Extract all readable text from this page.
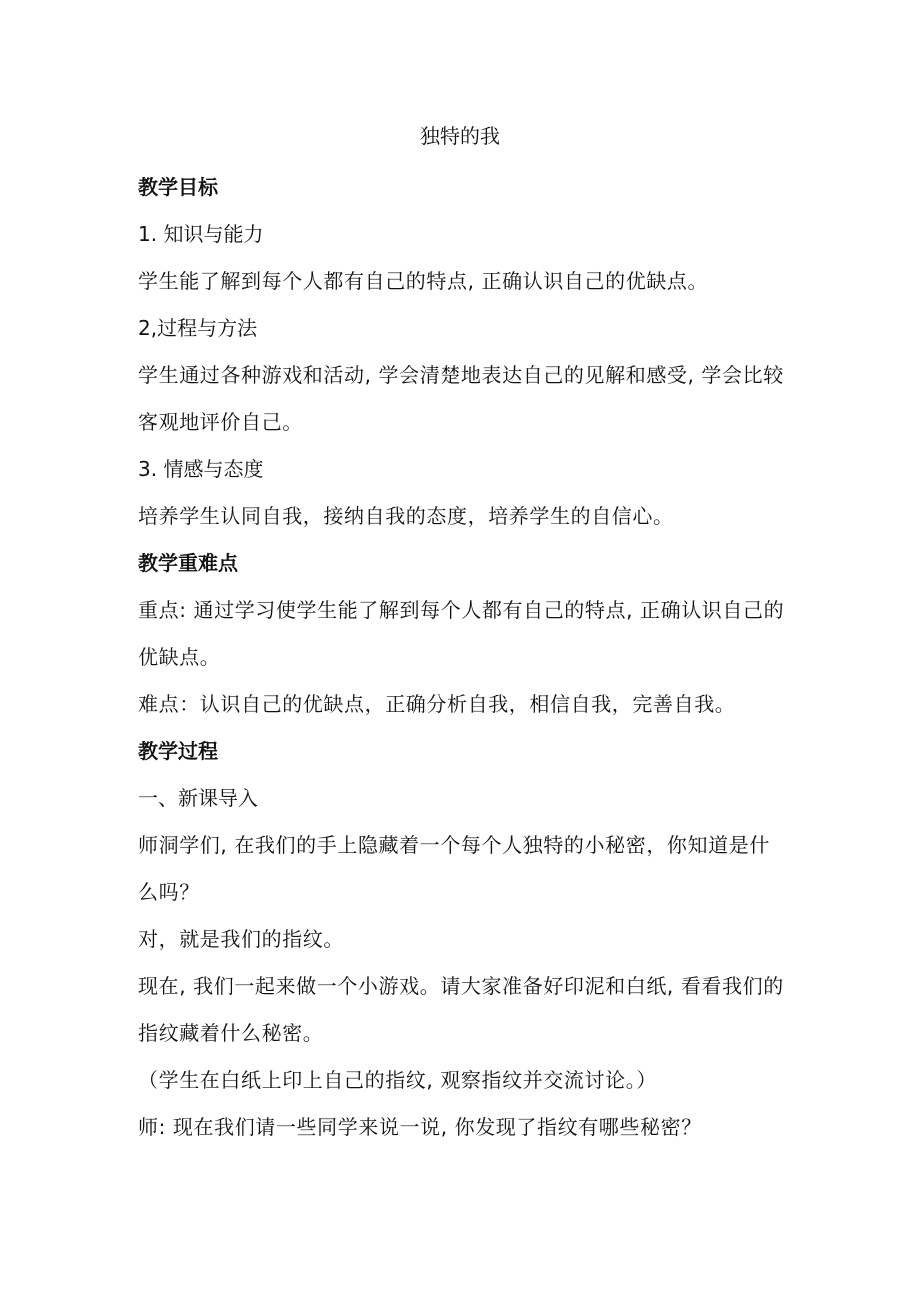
独特的我
教学目标
1. 知识与能力
学生能了解到每个人都有自己的特点, 正确认识自己的优缺点。
2,过程与方法
学生通过各种游戏和活动, 学会清楚地表达自己的见解和感受, 学会比较客观地评价自己。
3. 情感与态度
培养学生认同自我，接纳自我的态度，培养学生的自信心。
教学重难点
重点: 通过学习使学生能了解到每个人都有自己的特点, 正确认识自己的优缺点。
难点：认识自己的优缺点，正确分析自我，相信自我，完善自我。
教学过程
一、新课导入
师洞学们, 在我们的手上隐藏着一个每个人独特的小秘密，你知道是什么吗？
对，就是我们的指纹。
现在, 我们一起来做一个小游戏。请大家准备好印泥和白纸, 看看我们的指纹藏着什么秘密。
（学生在白纸上印上自己的指纹, 观察指纹并交流讨论。）
师: 现在我们请一些同学来说一说, 你发现了指纹有哪些秘密？
